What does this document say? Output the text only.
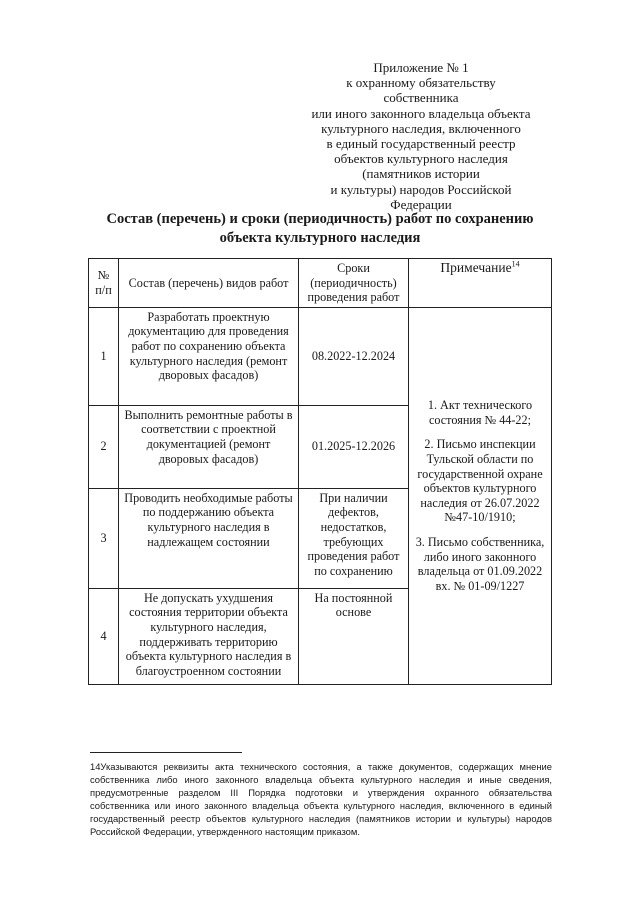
Приложение № 1
к охранному обязательству
собственника
или иного законного владельца объекта
культурного наследия, включенного
в единый государственный реестр
объектов культурного наследия
(памятников истории
и культуры) народов Российской
Федерации
Состав (перечень) и сроки (периодичность) работ по сохранению
объекта культурного наследия
№ п/п	Состав (перечень) видов работ	Сроки (периодичность) проведения работ	Примечание$^{14}$
1	Разработать проектную документацию для проведения работ по сохранению объекта культурного наследия (ремонт дворовых фасадов)	08.2022-12.2024	1. Акт технического состояния № 44-22;
2. Письмо инспекции Тульской области по государственной охране объектов культурного наследия от 26.07.2022 №47-10/1910;
3. Письмо собственника, либо иного законного владельца от 01.09.2022 вх. № 01-09/1227

2	Выполнить ремонтные работы в соответствии с проектной документацией (ремонт дворовых фасадов)	01.2025-12.2026	
3	Проводить необходимые работы по поддержанию объекта культурного наследия в надлежащем состоянии	При наличии дефектов, недостатков, требующих проведения работ по сохранению	
4	Не допускать ухудшения состояния территории объекта культурного наследия, поддерживать территорию объекта культурного наследия в благоустроенном состоянии	На постоянной основе	
14Указываются реквизиты акта технического состояния, а также документов, содержащих мнение собственника либо иного законного владельца объекта культурного наследия и иные сведения, предусмотренные разделом III Порядка подготовки и утверждения охранного обязательства собственника или иного законного владельца объекта культурного наследия, включенного в единый государственный реестр объектов культурного наследия (памятников истории и культуры) народов Российской Федерации, утвержденного настоящим приказом.
